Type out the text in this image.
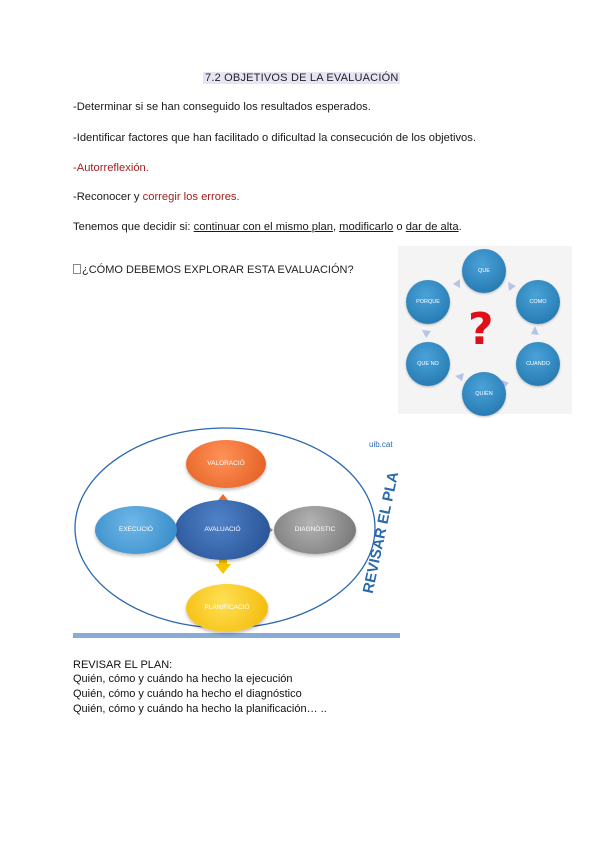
7.2 OBJETIVOS DE LA EVALUACIÓN
-Determinar si se han conseguido los resultados esperados.
-Identificar factores que han facilitado o dificultad la consecución de los objetivos.
-Autorreflexión.
-Reconocer y corregir los errores.
Tenemos que decidir si: continuar con el mismo plan, modificarlo o dar de alta.
¿CÓMO DEBEMOS EXPLORAR ESTA EVALUACIÓN?	QUE
COMO
CUANDO
QUIÉN
QUE NO
PORQUE
?
uib.cat
REVISAR EL PLA
AVALUACIÓ
VALORACIÓ
EXECUCIÓ	DIAGNÒSTIC
PLANIFICACIÓ
REVISAR EL PLAN:
Quién, cómo y cuándo ha hecho la ejecución
Quién, cómo y cuándo ha hecho el diagnóstico
Quién, cómo y cuándo ha hecho la planificación… ..
